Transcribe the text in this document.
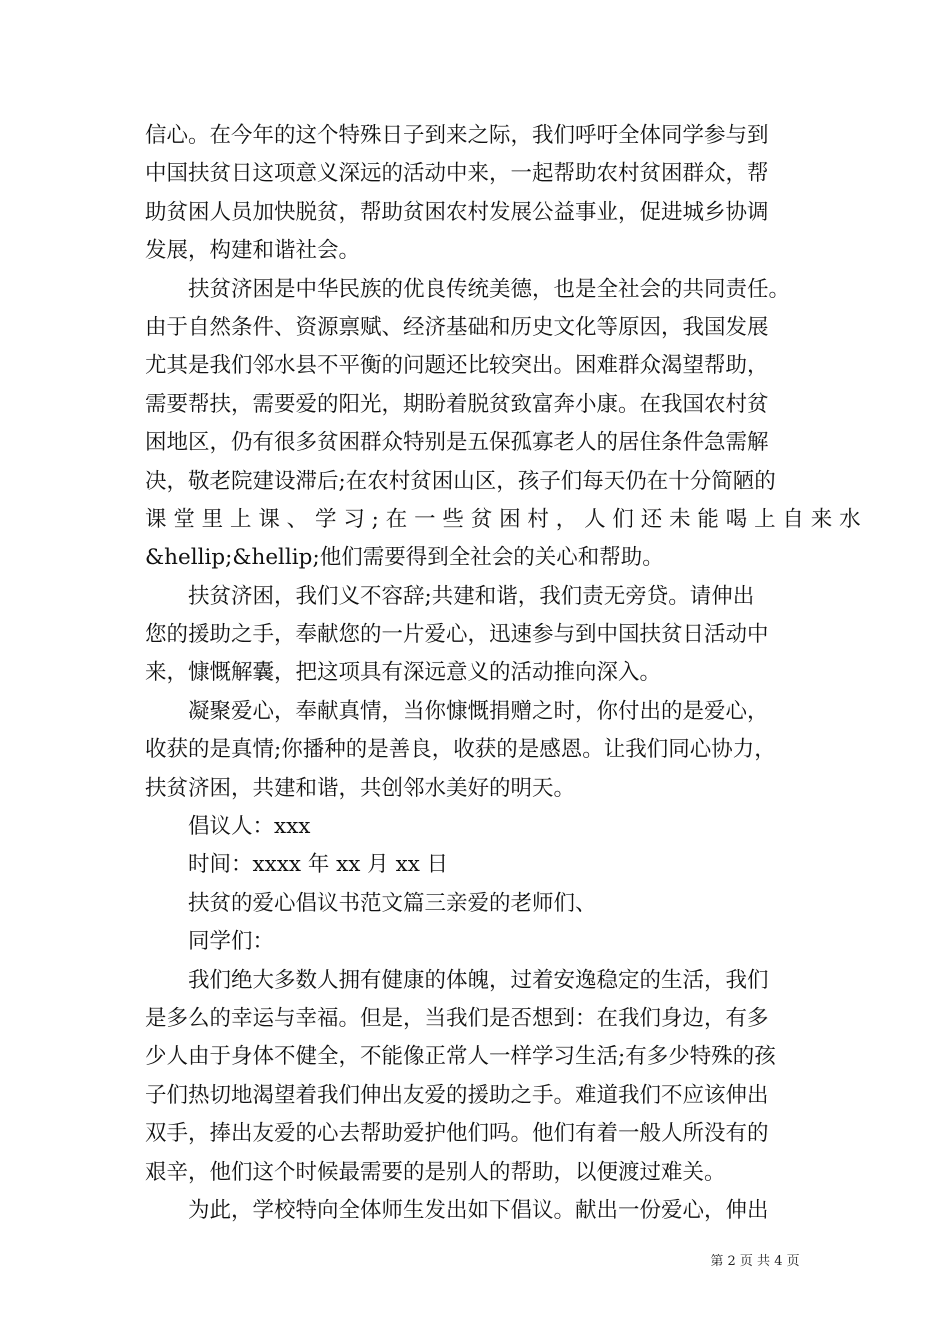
信心。在今年的这个特殊日子到来之际，我们呼吁全体同学参与到
中国扶贫日这项意义深远的活动中来，一起帮助农村贫困群众，帮
助贫困人员加快脱贫，帮助贫困农村发展公益事业，促进城乡协调
发展，构建和谐社会。
扶贫济困是中华民族的优良传统美德，也是全社会的共同责任。
由于自然条件、资源禀赋、经济基础和历史文化等原因，我国发展
尤其是我们邻水县不平衡的问题还比较突出。困难群众渴望帮助，
需要帮扶，需要爱的阳光，期盼着脱贫致富奔小康。在我国农村贫
困地区，仍有很多贫困群众特别是五保孤寡老人的居住条件急需解
决，敬老院建设滞后;在农村贫困山区，孩子们每天仍在十分简陋的
课 堂 里 上 课 、 学 习 ; 在 一 些 贫 困 村 ， 人 们 还 未 能 喝 上 自 来 水
&hellip;&hellip;他们需要得到全社会的关心和帮助。
扶贫济困，我们义不容辞;共建和谐，我们责无旁贷。请伸出
您的援助之手，奉献您的一片爱心，迅速参与到中国扶贫日活动中
来，慷慨解囊，把这项具有深远意义的活动推向深入。
凝聚爱心，奉献真情，当你慷慨捐赠之时，你付出的是爱心，
收获的是真情;你播种的是善良，收获的是感恩。让我们同心协力，
扶贫济困，共建和谐，共创邻水美好的明天。
倡议人：xxx
时间：xxxx 年 xx 月 xx 日
扶贫的爱心倡议书范文篇三亲爱的老师们、
同学们：
我们绝大多数人拥有健康的体魄，过着安逸稳定的生活，我们
是多么的幸运与幸福。但是，当我们是否想到：在我们身边，有多
少人由于身体不健全，不能像正常人一样学习生活;有多少特殊的孩
子们热切地渴望着我们伸出友爱的援助之手。难道我们不应该伸出
双手，捧出友爱的心去帮助爱护他们吗。他们有着一般人所没有的
艰辛，他们这个时候最需要的是别人的帮助，以便渡过难关。
为此，学校特向全体师生发出如下倡议。献出一份爱心，伸出
第 2 页 共 4 页
